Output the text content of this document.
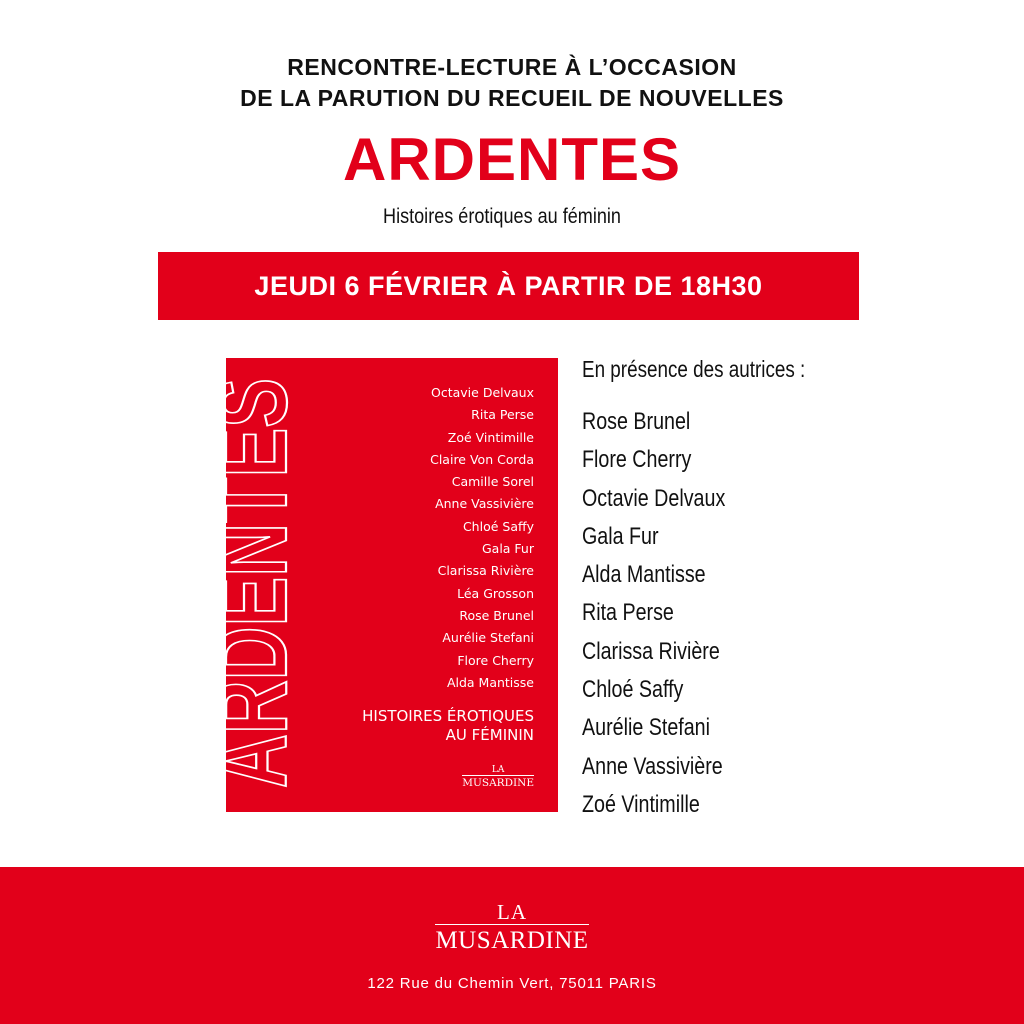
RENCONTRE-LECTURE À L’OCCASION
DE LA PARUTION DU RECUEIL DE NOUVELLES
ARDENTES
Histoires érotiques au féminin
JEUDI 6 FÉVRIER À PARTIR DE 18H30
ARDENTES	Octavie Delvaux
Rita Perse
Zoé Vintimille
Claire Von Corda
Camille Sorel
Anne Vassivière
Chloé Saffy
Gala Fur
Clarissa Rivière
Léa Grosson
Rose Brunel
Aurélie Stefani
Flore Cherry
Alda Mantisse
HISTOIRES ÉROTIQUES
AU FÉMININ
LA
MUSARDINE
En présence des autrices :
Rose Brunel
Flore Cherry
Octavie Delvaux
Gala Fur
Alda Mantisse
Rita Perse
Clarissa Rivière
Chloé Saffy
Aurélie Stefani
Anne Vassivière
Zoé Vintimille
LA
MUSARDINE
122 Rue du Chemin Vert, 75011 PARIS
